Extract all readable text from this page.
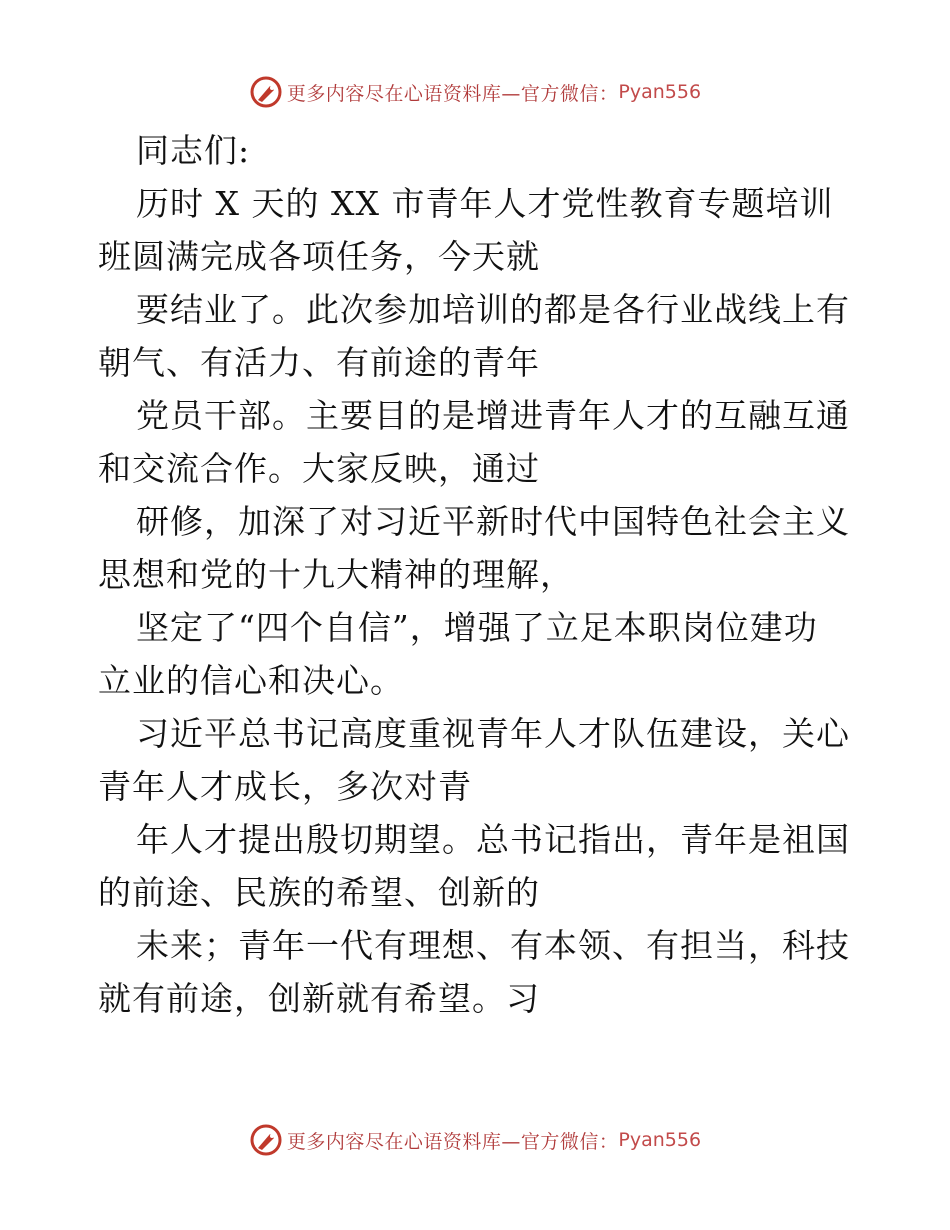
更多内容尽在心语资料库—官方微信： Pyan556
同志们:
历时 X 天的 XX 市青年人才党性教育专题培训
班圆满完成各项任务，今天就
要结业了。此次参加培训的都是各行业战线上有
朝气、有活力、有前途的青年
党员干部。主要目的是增进青年人才的互融互通
和交流合作。大家反映，通过
研修，加深了对习近平新时代中国特色社会主义
思想和党的十九大精神的理解，
坚定了“四个自信”，增强了立足本职岗位建功
立业的信心和决心。
习近平总书记高度重视青年人才队伍建设，关心
青年人才成长，多次对青
年人才提出殷切期望。总书记指出，青年是祖国
的前途、民族的希望、创新的
未来；青年一代有理想、有本领、有担当，科技
就有前途，创新就有希望。习
更多内容尽在心语资料库—官方微信： Pyan556
